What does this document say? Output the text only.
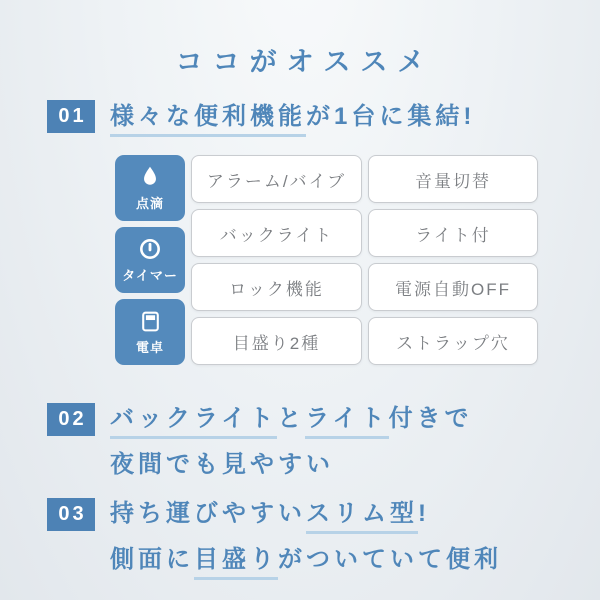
ココがオススメ
01 様々な便利機能が1台に集結!
点滴
タイマー
電卓
アラーム/バイブ	音量切替
バックライト	ライト付
ロック機能	電源自動OFF
目盛り2種	ストラップ穴
02 バックライトとライト付きで
夜間でも見やすい
03 持ち運びやすいスリム型!
側面に目盛りがついていて便利
